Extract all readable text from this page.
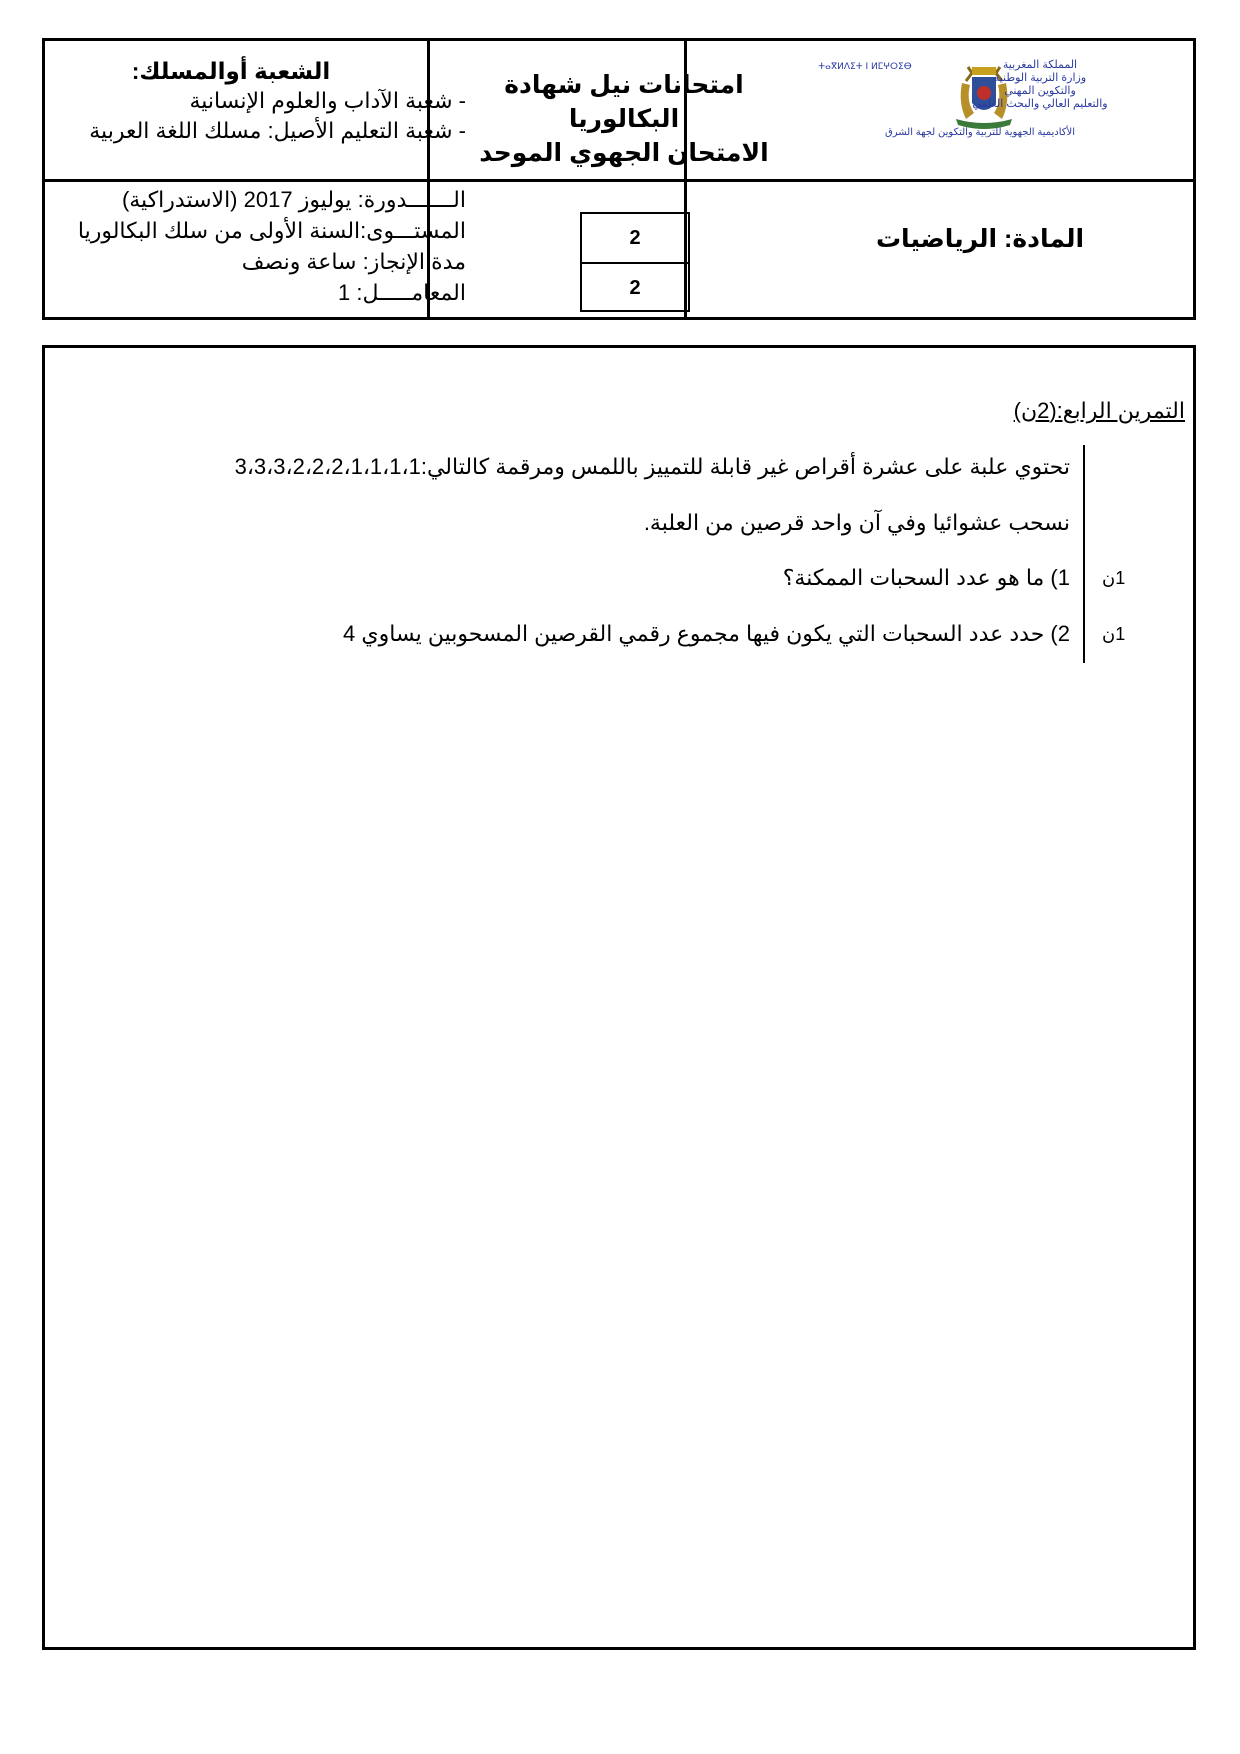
الشعبة أوالمسلك:
- شعبة الآداب والعلوم الإنسانية
- شعبة التعليم الأصيل: مسلك اللغة العربية
امتحانات نيل شهادة
البكالوريا
الامتحان الجهوي الموحد
ⵜⴰⴳⵍⴷⵉⵜ ⵏ ⵍⵎⵖⵔⵉⴱ	المملكة المغربية
وزارة التربية الوطنية
والتكوين المهني
والتعليم العالي والبحث العلمي
الأكاديمية الجهوية للتربية والتكوين لجهة الشرق
الـــــــدورة: يوليوز 2017 (الاستدراكية)
المستـــوى:السنة الأولى من سلك البكالوريا
مدة الإنجاز: ساعة ونصف
المعامـــــل: 1
2
2
المادة: الرياضيات
التمرين الرابع:(2ن)
تحتوي علبة على عشرة أقراص غير قابلة للتمييز باللمس ومرقمة كالتالي:3،3،3،2،2،2،1،1،1،1
نسحب عشوائيا وفي آن واحد قرصين من العلبة.
1ن
1) ما هو عدد السحبات الممكنة؟
1ن
2) حدد عدد السحبات التي يكون فيها مجموع رقمي القرصين المسحوبين يساوي 4
